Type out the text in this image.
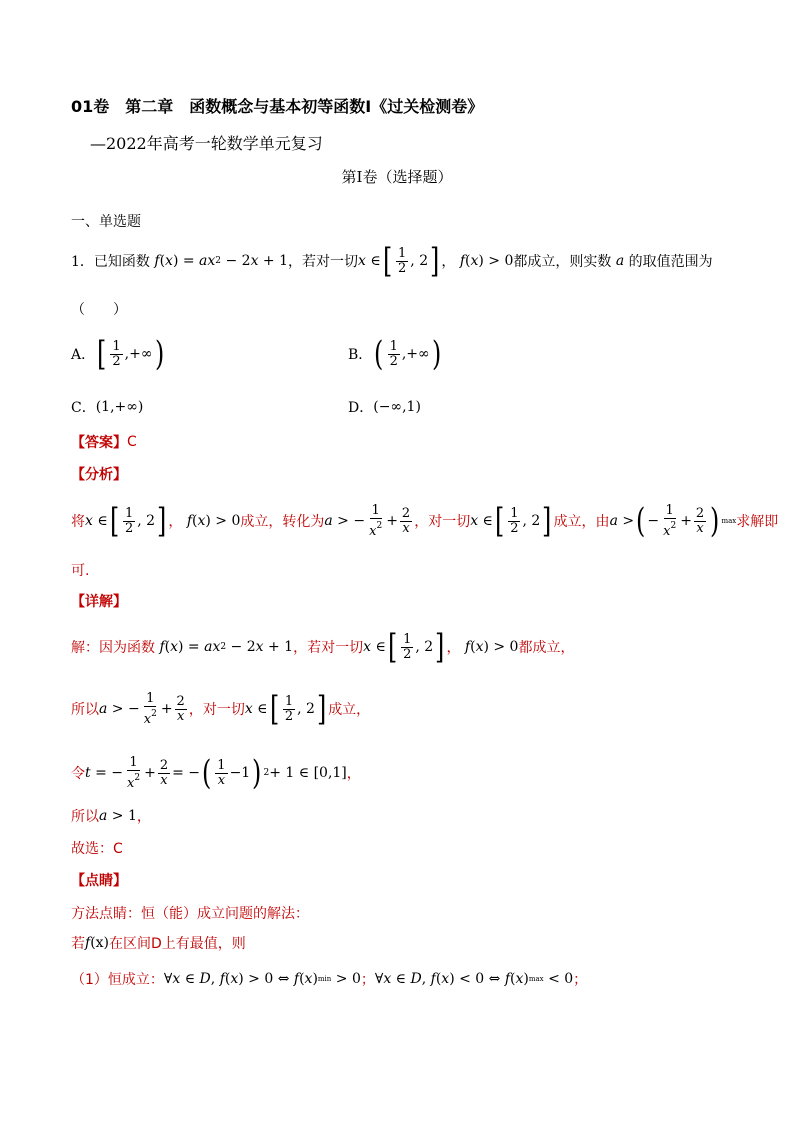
01卷　第二章　函数概念与基本初等函数Ⅰ《过关检测卷》
—2022年高考一轮数学单元复习
第Ⅰ卷（选择题）
一、单选题
1． 已知函数
f ( x ) = ax 2 − 2 x + 1 ，若对一切 x ∈ [ $\frac{1}{2}$ , 2 ] ，
f ( x ) > 0 都成立，则实数
a
的取值范围为
（　　）
A． [ $\frac{1}{2}$ ,+∞ )	B． ( $\frac{1}{2}$ ,+∞ )
C． (1,+∞)	D． (−∞,1)
【答案】 C
【分析】
将 x ∈ [ $\frac{1}{2}$ , 2 ] ，
f ( x ) > 0 成立，转化为 a > − $\frac{1}{x^2} + \frac{2}{x}$ ，对一切 x ∈ [ $\frac{1}{2}$ , 2 ] 成立，由 a > ( − $\frac{1}{x^2} + \frac{2}{x}$ ) max 求解即
可.
【详解】
解：因为函数
f ( x ) = ax 2 − 2 x + 1 ，若对一切 x ∈ [ $\frac{1}{2}$ , 2 ] ，
f ( x ) > 0 都成立，
所以 a > − $\frac{1}{x^2} + \frac{2}{x}$ ，对一切 x ∈ [ $\frac{1}{2}$ , 2 ] 成立，
令 t = − $\frac{1}{x^2} + \frac{2}{x}$ = − ( $\frac{1}{x} -1$ ) 2 + 1 ∈ [0,1] ，
所以 a > 1 ，
故选：C
【点睛】
方法点睛：恒（能）成立问题的解法：
若 f (x) 在区间D上有最值，则
（1）恒成立： ∀ x ∈ D , f ( x ) > 0 ⇔ f ( x ) min > 0 ； ∀ x ∈ D , f ( x ) < 0 ⇔ f ( x ) max < 0 ；
